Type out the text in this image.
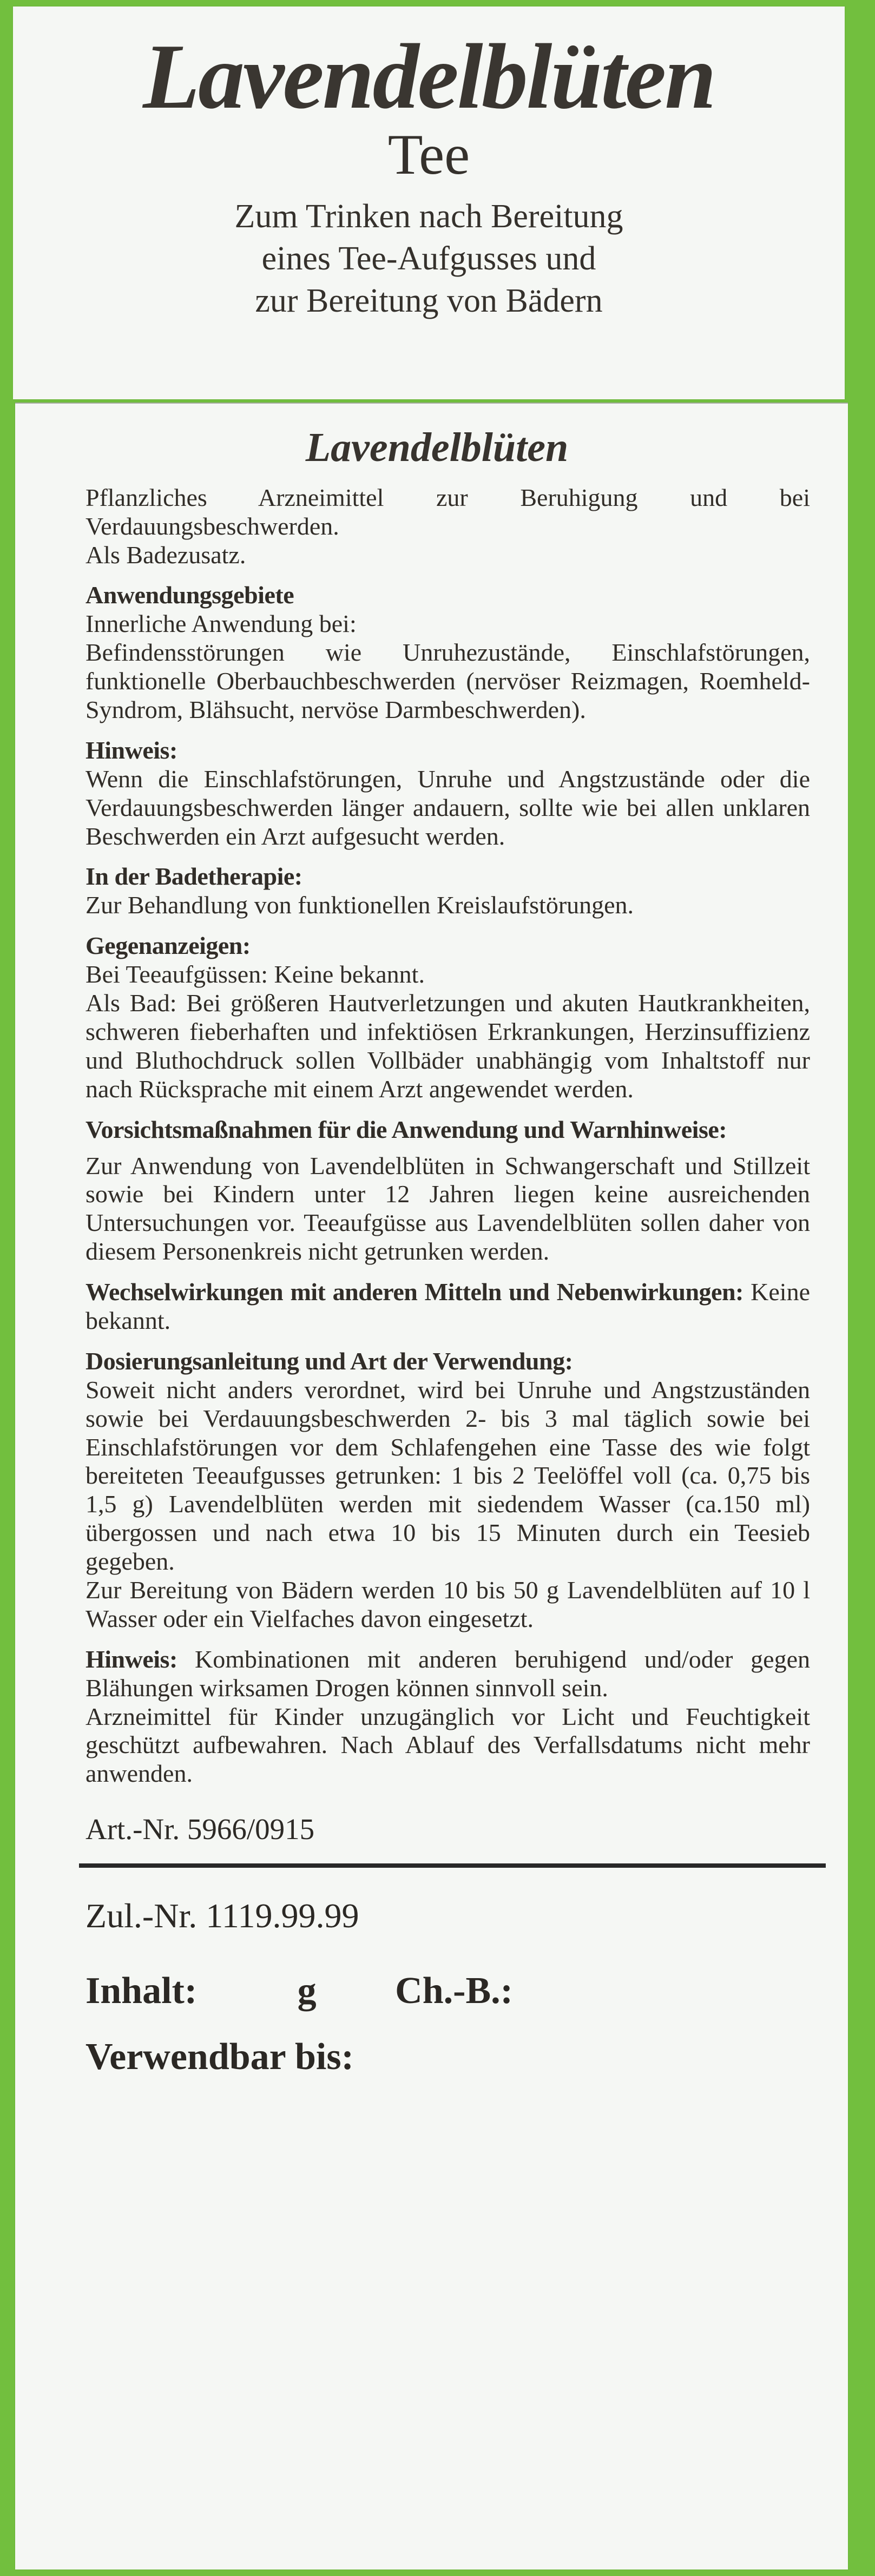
Lavendelblüten
Tee
Zum Trinken nach Bereitung
eines Tee-Aufgusses und
zur Bereitung von Bädern
Lavendelblüten
Pflanzliches Arzneimittel zur Beruhigung und bei Verdauungsbeschwerden.
Als Badezusatz.
Anwendungsgebiete
Innerliche Anwendung bei:
Befindensstörungen wie Unruhezustände, Einschlafstörungen, funktionelle Oberbauchbeschwerden (nervöser Reizmagen, Roemheld-Syndrom, Blähsucht, nervöse Darmbeschwerden).
Hinweis:
Wenn die Einschlafstörungen, Unruhe und Angstzustände oder die Verdauungsbeschwerden länger andauern, sollte wie bei allen unklaren Beschwerden ein Arzt aufgesucht werden.
In der Badetherapie:
Zur Behandlung von funktionellen Kreislaufstörungen.
Gegenanzeigen:
Bei Teeaufgüssen: Keine bekannt.
Als Bad: Bei größeren Hautverletzungen und akuten Hautkrankheiten, schweren fieberhaften und infektiösen Erkrankungen, Herzinsuffizienz und Bluthochdruck sollen Vollbäder unabhängig vom Inhaltstoff nur nach Rücksprache mit einem Arzt angewendet werden.
Vorsichtsmaßnahmen für die Anwendung und Warnhinweise:
Zur Anwendung von Lavendelblüten in Schwangerschaft und Stillzeit sowie bei Kindern unter 12 Jahren liegen keine ausreichenden Untersuchungen vor. Teeaufgüsse aus Lavendelblüten sollen daher von diesem Personenkreis nicht getrunken werden.
Wechselwirkungen mit anderen Mitteln und Nebenwirkungen: Keine bekannt.
Dosierungsanleitung und Art der Verwendung:
Soweit nicht anders verordnet, wird bei Unruhe und Angstzuständen sowie bei Verdauungsbeschwerden 2- bis 3 mal täglich sowie bei Einschlafstörungen vor dem Schlafengehen eine Tasse des wie folgt bereiteten Teeaufgusses getrunken: 1 bis 2 Teelöffel voll (ca. 0,75 bis 1,5 g) Lavendelblüten werden mit siedendem Wasser (ca.150 ml) übergossen und nach etwa 10 bis 15 Minuten durch ein Teesieb gegeben.
Zur Bereitung von Bädern werden 10 bis 50 g Lavendelblüten auf 10 l Wasser oder ein Vielfaches davon eingesetzt.
Hinweis: Kombinationen mit anderen beruhigend und/oder gegen Blähungen wirksamen Drogen können sinnvoll sein.
Arzneimittel für Kinder unzugänglich vor Licht und Feuchtigkeit geschützt aufbewahren. Nach Ablauf des Verfallsdatums nicht mehr anwenden.
Art.-Nr. 5966/0915
Zul.-Nr. 1119.99.99
Inhalt:	g Ch.-B.:
Verwendbar bis:
